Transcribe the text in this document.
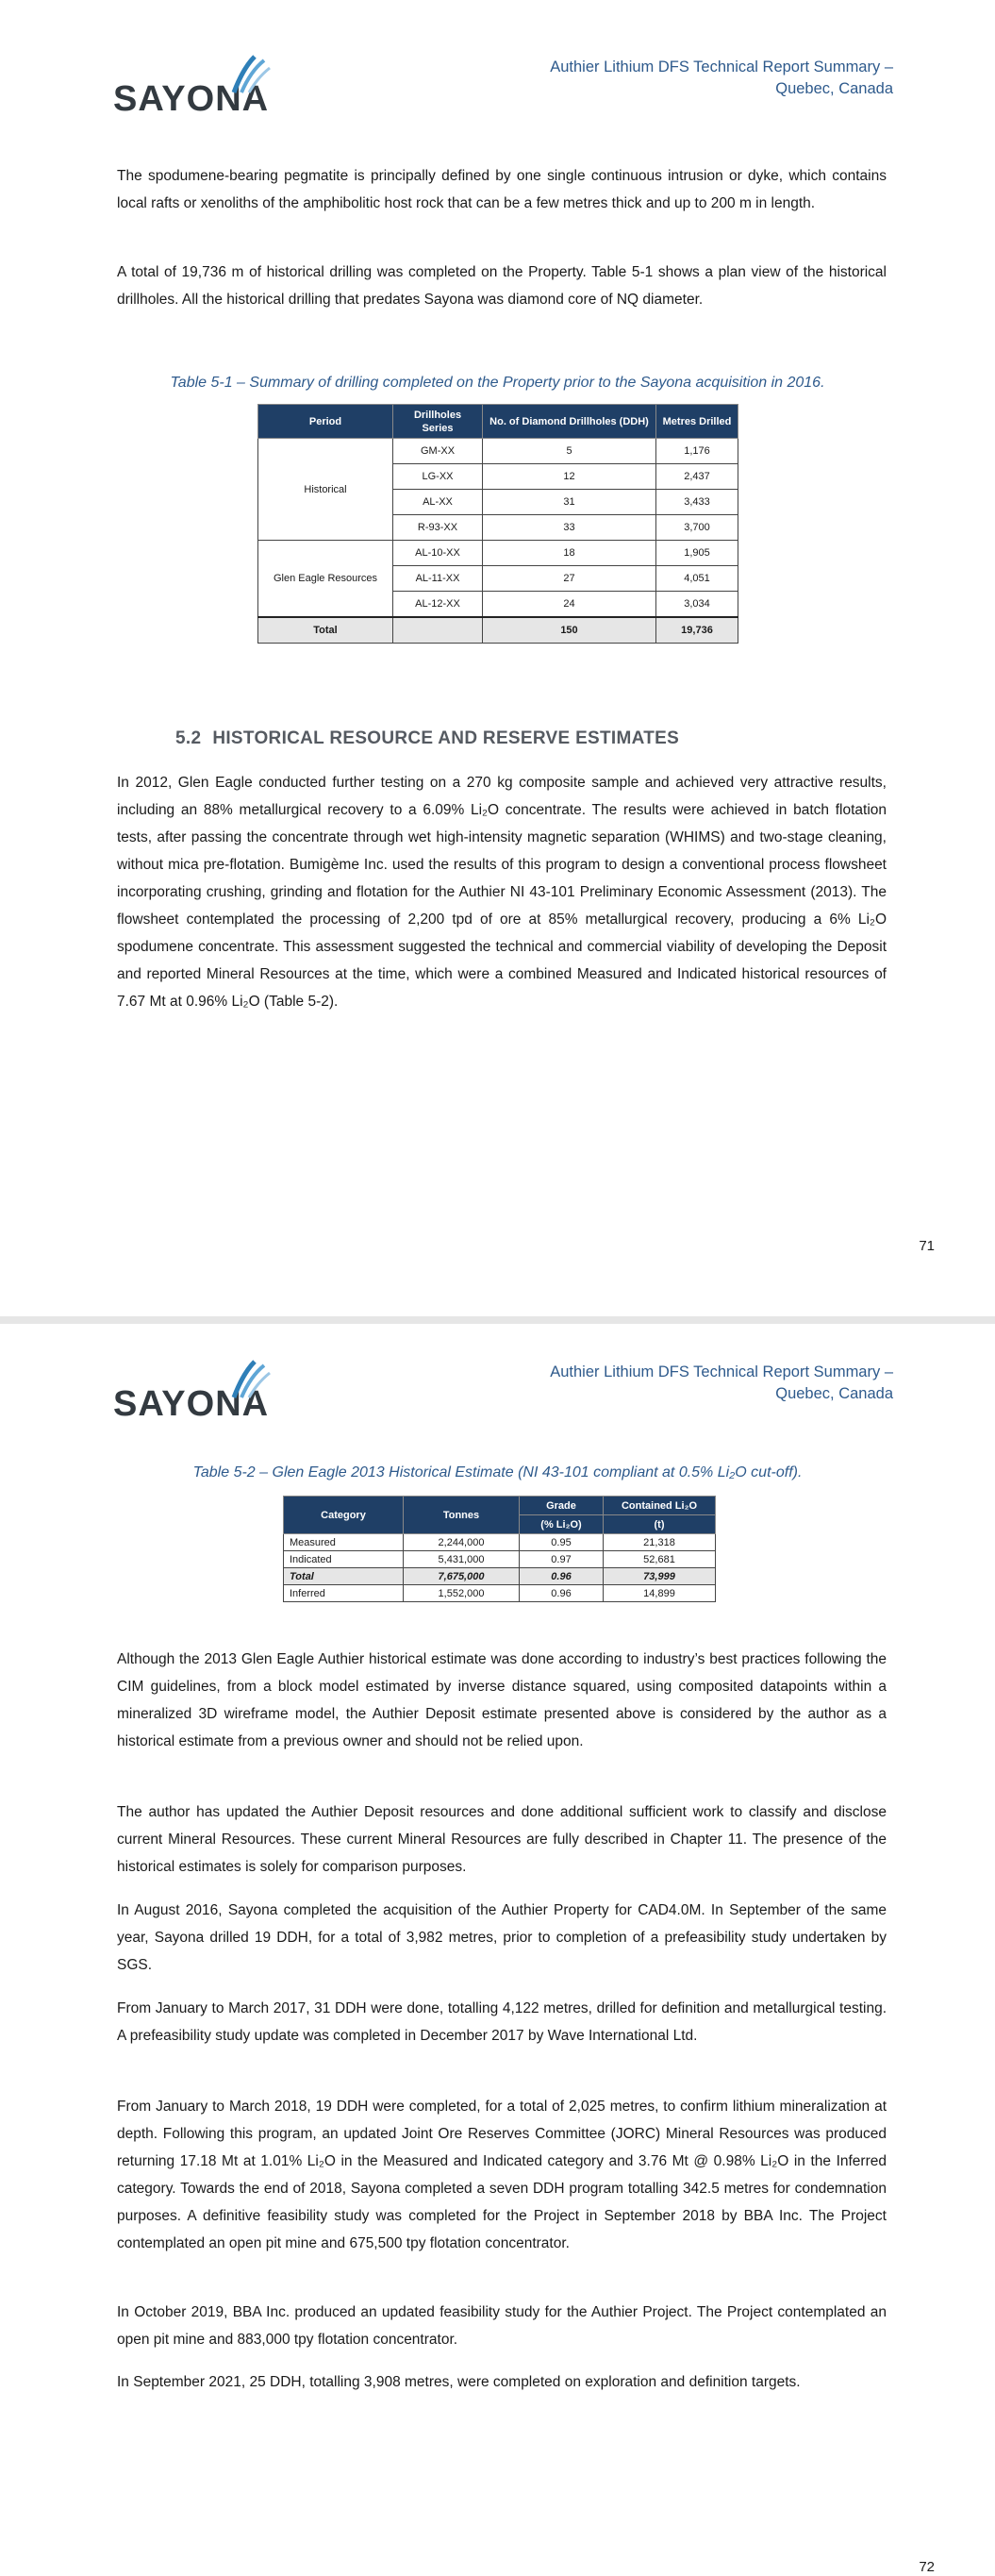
SAYONA
Authier Lithium DFS Technical Report Summary –
Quebec, Canada

The spodumene-bearing pegmatite is principally defined by one single continuous intrusion or dyke, which contains local rafts or xenoliths of the amphibolitic host rock that can be a few metres thick and up to 200 m in length.

A total of 19,736 m of historical drilling was completed on the Property. Table 5-1 shows a plan view of the historical drillholes. All the historical drilling that predates Sayona was diamond core of NQ diameter.

Table 5-1 – Summary of drilling completed on the Property prior to the Sayona acquisition in 2016.
Period	Drillholes Series	No. of Diamond Drillholes (DDH)	Metres Drilled
Historical	GM-XX	5	1,176
	LG-XX	12	2,437
	AL-XX	31	3,433
	R-93-XX	33	3,700
Glen Eagle Resources	AL-10-XX	18	1,905
	AL-11-XX	27	4,051
	AL-12-XX	24	3,034
Total		150	19,736
5.2 HISTORICAL RESOURCE AND RESERVE ESTIMATES

In 2012, Glen Eagle conducted further testing on a 270 kg composite sample and achieved very attractive results, including an 88% metallurgical recovery to a 6.09% Li₂O concentrate. The results were achieved in batch flotation tests, after passing the concentrate through wet high-intensity magnetic separation (WHIMS) and two-stage cleaning, without mica pre-flotation. Bumigème Inc. used the results of this program to design a conventional process flowsheet incorporating crushing, grinding and flotation for the Authier NI 43-101 Preliminary Economic Assessment (2013). The flowsheet contemplated the processing of 2,200 tpd of ore at 85% metallurgical recovery, producing a 6% Li₂O spodumene concentrate. This assessment suggested the technical and commercial viability of developing the Deposit and reported Mineral Resources at the time, which were a combined Measured and Indicated historical resources of 7.67 Mt at 0.96% Li₂O (Table 5-2).

71
SAYONA
Authier Lithium DFS Technical Report Summary –
Quebec, Canada
Table 5-2 – Glen Eagle 2013 Historical Estimate (NI 43-101 compliant at 0.5% Li₂O cut-off).
Category	Tonnes	Grade	Contained Li₂O
		(% Li₂O)	(t)
Measured	2,244,000	0.95	21,318
Indicated	5,431,000	0.97	52,681
Total	7,675,000	0.96	73,999
Inferred	1,552,000	0.96	14,899

Although the 2013 Glen Eagle Authier historical estimate was done according to industry’s best practices following the CIM guidelines, from a block model estimated by inverse distance squared, using composited datapoints within a mineralized 3D wireframe model, the Authier Deposit estimate presented above is considered by the author as a historical estimate from a previous owner and should not be relied upon.

The author has updated the Authier Deposit resources and done additional sufficient work to classify and disclose current Mineral Resources. These current Mineral Resources are fully described in Chapter 11. The presence of the historical estimates is solely for comparison purposes.

In August 2016, Sayona completed the acquisition of the Authier Property for CAD4.0M. In September of the same year, Sayona drilled 19 DDH, for a total of 3,982 metres, prior to completion of a prefeasibility study undertaken by SGS.

From January to March 2017, 31 DDH were done, totalling 4,122 metres, drilled for definition and metallurgical testing. A prefeasibility study update was completed in December 2017 by Wave International Ltd.

From January to March 2018, 19 DDH were completed, for a total of 2,025 metres, to confirm lithium mineralization at depth. Following this program, an updated Joint Ore Reserves Committee (JORC) Mineral Resources was produced returning 17.18 Mt at 1.01% Li₂O in the Measured and Indicated category and 3.76 Mt @ 0.98% Li₂O in the Inferred category. Towards the end of 2018, Sayona completed a seven DDH program totalling 342.5 metres for condemnation purposes. A definitive feasibility study was completed for the Project in September 2018 by BBA Inc. The Project contemplated an open pit mine and 675,500 tpy flotation concentrator.

In October 2019, BBA Inc. produced an updated feasibility study for the Authier Project. The Project contemplated an open pit mine and 883,000 tpy flotation concentrator.

In September 2021, 25 DDH, totalling 3,908 metres, were completed on exploration and definition targets.

72
